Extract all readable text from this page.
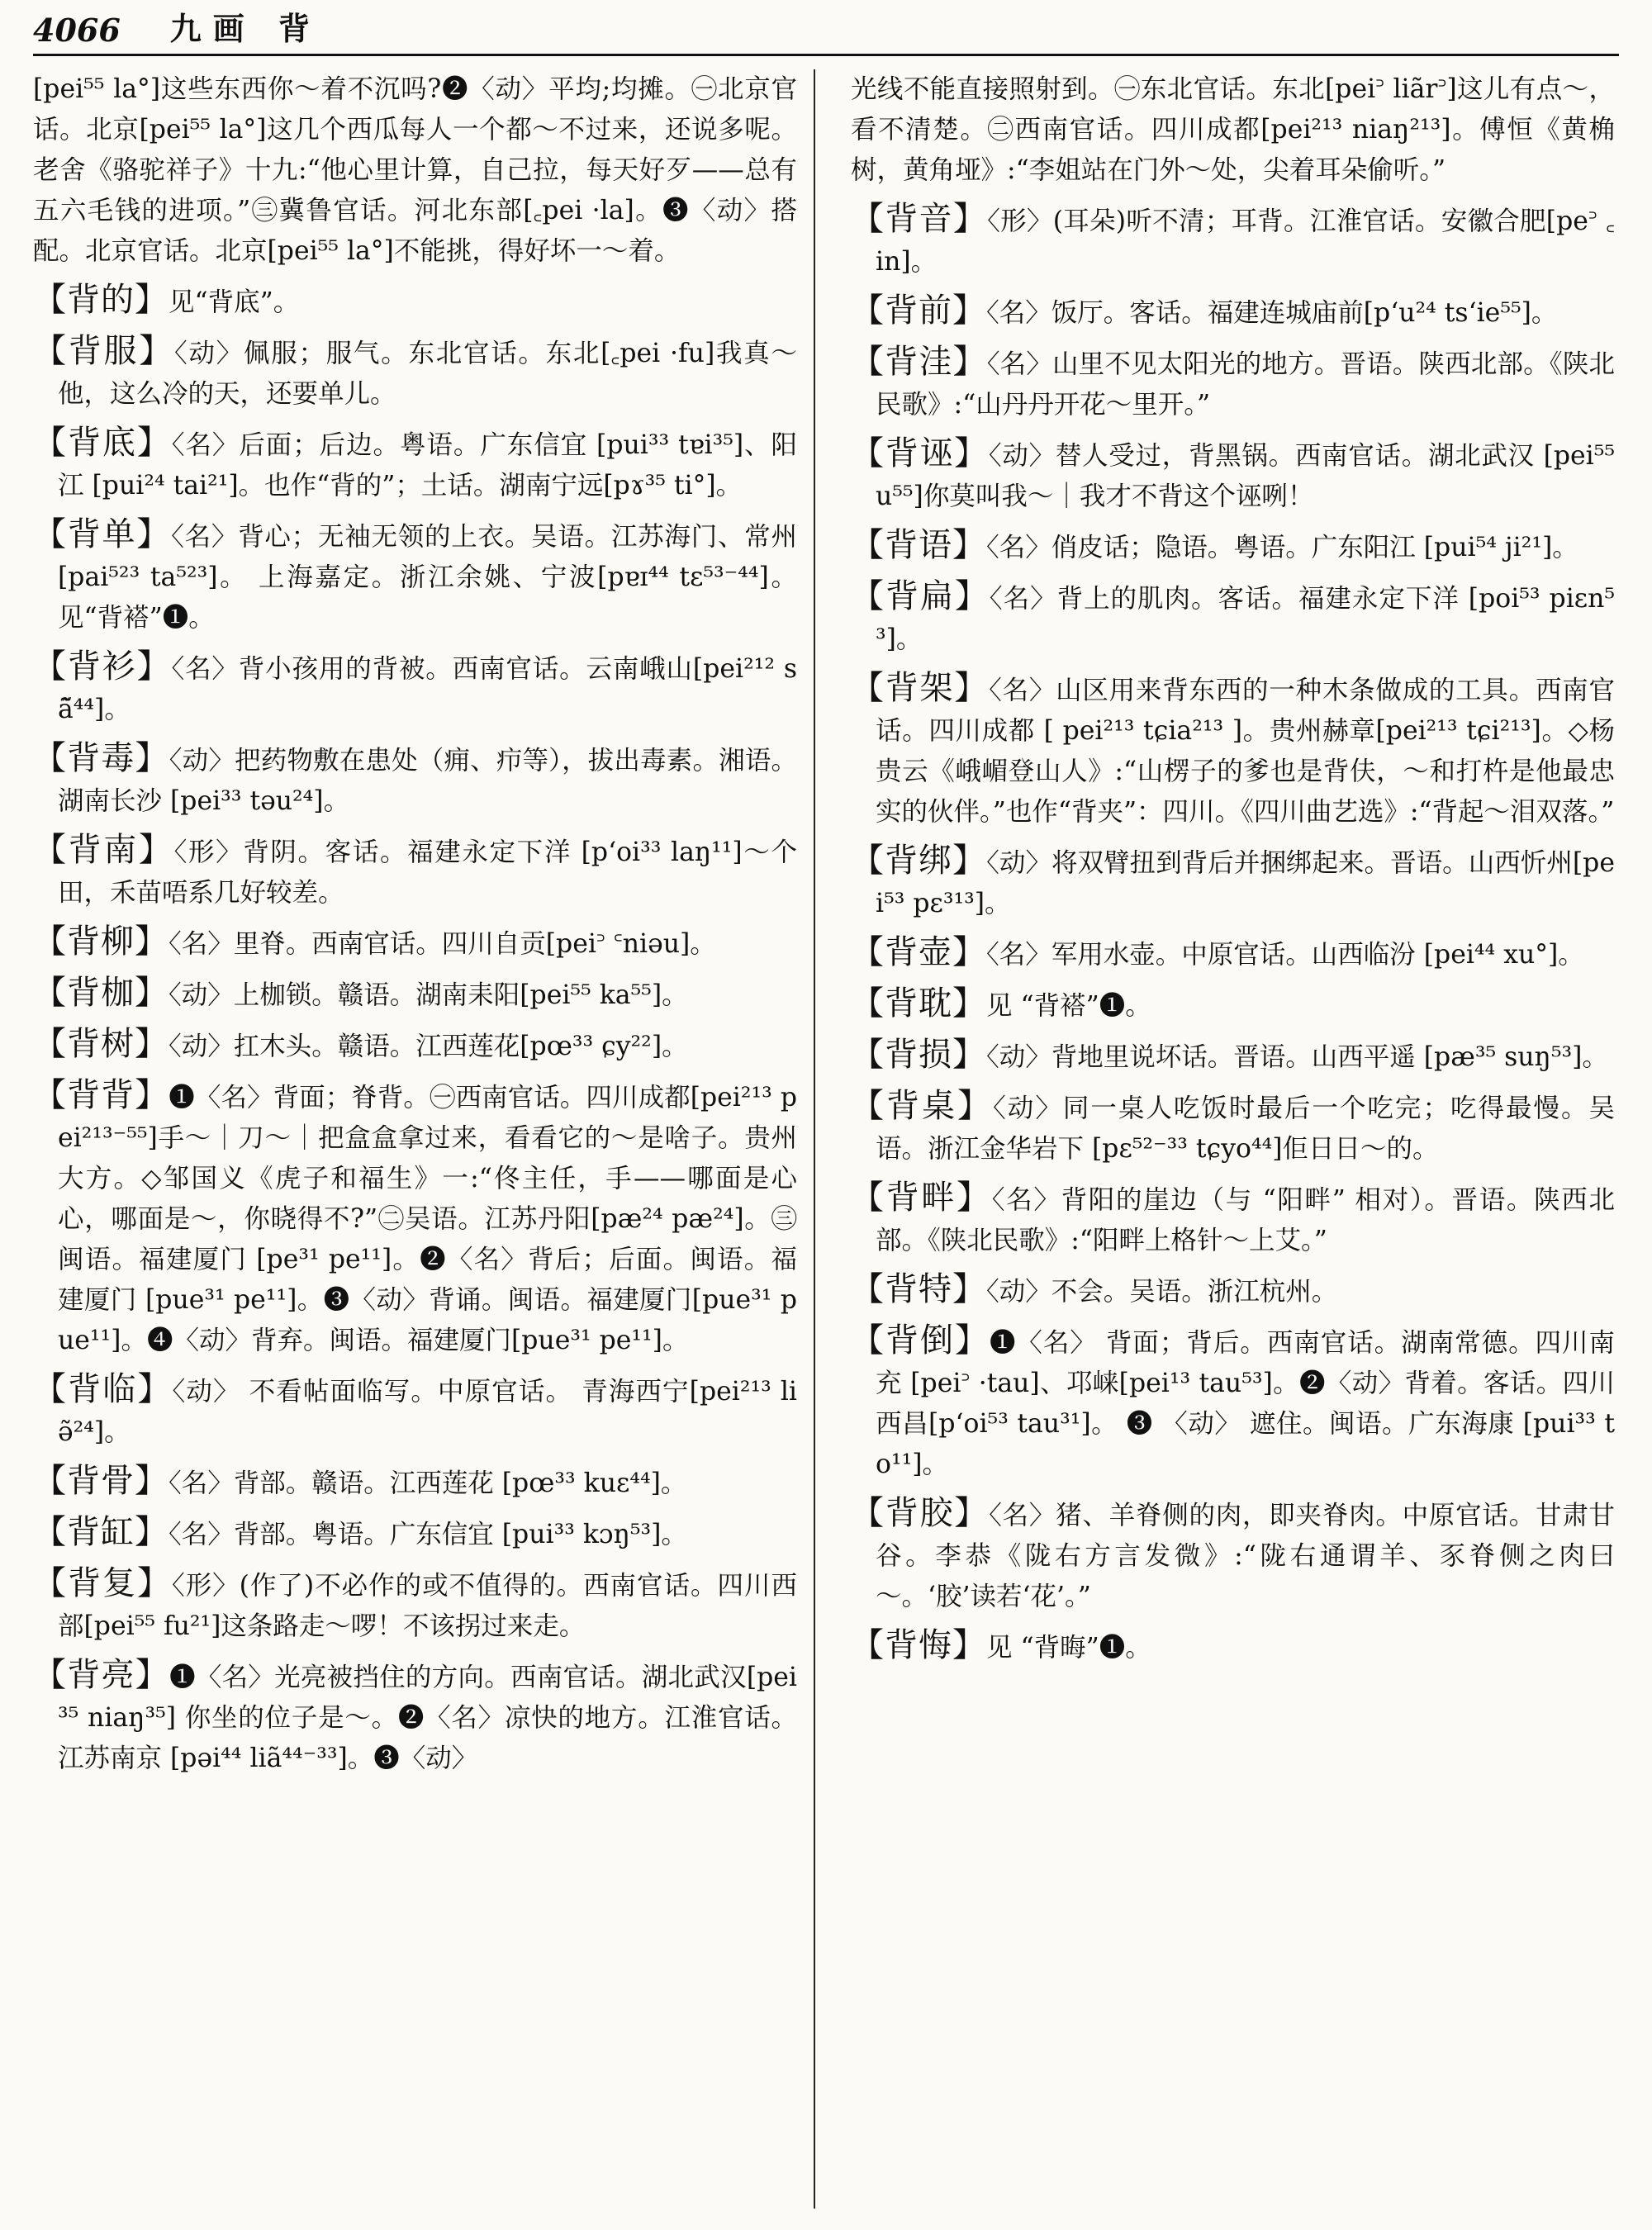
4066 九画 背

[pei⁵⁵ la°]这些东西你～着不沉吗?❷〈动〉平均;均摊。㊀北京官话。北京[pei⁵⁵ la°]这几个西瓜每人一个都～不过来，还说多呢。老舍《骆驼祥子》十九:“他心里计算，自己拉，每天好歹——总有五六毛钱的进项。”㊂冀鲁官话。河北东部[꜀pei ·la]。❸〈动〉搭配。北京官话。北京[pei⁵⁵ la°]不能挑，得好坏一～着。

【背的】见“背底”。

【背服】〈动〉佩服；服气。东北官话。东北[꜀pei ·fu]我真～他，这么冷的天，还要单儿。

【背底】〈名〉后面；后边。粤语。广东信宜 [pui³³ tɐi³⁵]、阳江 [pui²⁴ tai²¹]。也作“背的”；土话。湖南宁远[pɤ³⁵ ti°]。

【背单】〈名〉背心；无袖无领的上衣。吴语。江苏海门、常州 [pai⁵²³ ta⁵²³]。 上海嘉定。浙江余姚、宁波[pɐɪ⁴⁴ tɛ⁵³⁻⁴⁴]。见“背褡”❶。

【背衫】〈名〉背小孩用的背被。西南官话。云南峨山[pei²¹² sã̃⁴⁴]。

【背毒】〈动〉把药物敷在患处（痈、疖等），拔出毒素。湘语。湖南长沙 [pei³³ təu²⁴]。

【背南】〈形〉背阴。客话。福建永定下洋 [p‘oi³³ laŋ¹¹]～个田，禾苗唔系几好较差。

【背柳】〈名〉里脊。西南官话。四川自贡[pei꜄ ꜂niəu]。

【背枷】〈动〉上枷锁。赣语。湖南耒阳[pei⁵⁵ ka⁵⁵]。

【背树】〈动〉扛木头。赣语。江西莲花[pœ³³ ɕy²²]。

【背背】❶〈名〉背面；脊背。㊀西南官话。四川成都[pei²¹³ pei²¹³⁻⁵⁵]手～｜刀～｜把盒盒拿过来，看看它的～是啥子。贵州大方。◇邹国义《虎子和福生》一:“佟主任，手——哪面是心心，哪面是～，你晓得不?”㊁吴语。江苏丹阳[pæ²⁴ pæ²⁴]。㊂闽语。福建厦门 [pe³¹ pe¹¹]。❷〈名〉背后；后面。闽语。福建厦门 [pue³¹ pe¹¹]。❸〈动〉背诵。闽语。福建厦门[pue³¹ pue¹¹]。❹〈动〉背弃。闽语。福建厦门[pue³¹ pe¹¹]。

【背临】〈动〉 不看帖面临写。中原官话。 青海西宁[pei²¹³ liə̃²⁴]。

【背骨】〈名〉背部。赣语。江西莲花 [pœ³³ kuɛ⁴⁴]。

【背缸】〈名〉背部。粤语。广东信宜 [pui³³ kɔŋ⁵³]。

【背复】〈形〉(作了)不必作的或不值得的。西南官话。四川西部[pei⁵⁵ fu²¹]这条路走～啰！不该拐过来走。

【背亮】❶〈名〉光亮被挡住的方向。西南官话。湖北武汉[pei³⁵ niaŋ³⁵] 你坐的位子是～。❷〈名〉凉快的地方。江淮官话。江苏南京 [pəi⁴⁴ liã⁴⁴⁻³³]。❸〈动〉

光线不能直接照射到。㊀东北官话。东北[pei꜄ liãr꜄]这儿有点～，看不清楚。㊁西南官话。四川成都[pei²¹³ niaŋ²¹³]。傅恒《黄桷树，黄角垭》:“李姐站在门外～处，尖着耳朵偷听。”

【背音】〈形〉(耳朵)听不清；耳背。江淮官话。安徽合肥[pe꜄ ꜀in]。

【背前】〈名〉饭厅。客话。福建连城庙前[p‘u²⁴ ts‘ie⁵⁵]。

【背洼】〈名〉山里不见太阳光的地方。晋语。陕西北部。《陕北民歌》:“山丹丹开花～里开。”

【背诬】〈动〉替人受过，背黑锅。西南官话。湖北武汉 [pei⁵⁵ u⁵⁵]你莫叫我～｜我才不背这个诬咧！

【背语】〈名〉俏皮话；隐语。粤语。广东阳江 [pui⁵⁴ ji²¹]。

【背扁】〈名〉背上的肌肉。客话。福建永定下洋 [poi⁵³ piɛn⁵³]。

【背架】〈名〉山区用来背东西的一种木条做成的工具。西南官话。四川成都 [ pei²¹³ tɕia²¹³ ]。贵州赫章[pei²¹³ tɕi²¹³]。◇杨贵云《峨嵋登山人》:“山楞子的爹也是背伕，～和打杵是他最忠实的伙伴。”也作“背夹”：四川。《四川曲艺选》:“背起～泪双落。”

【背绑】〈动〉将双臂扭到背后并捆绑起来。晋语。山西忻州[pei⁵³ pɛ³¹³]。

【背壶】〈名〉军用水壶。中原官话。山西临汾 [pei⁴⁴ xu°]。

【背耽】见 “背褡”❶。

【背损】〈动〉背地里说坏话。晋语。山西平遥 [pæ³⁵ suŋ⁵³]。

【背桌】〈动〉同一桌人吃饭时最后一个吃完；吃得最慢。吴语。浙江金华岩下 [pɛ⁵²⁻³³ tɕyo⁴⁴]佢日日～的。

【背畔】〈名〉背阳的崖边（与 “阳畔” 相对）。晋语。陕西北部。《陕北民歌》:“阳畔上格针～上艾。”

【背特】〈动〉不会。吴语。浙江杭州。

【背倒】❶〈名〉 背面；背后。西南官话。湖南常德。四川南充 [pei꜄ ·tau]、邛崃[pei¹³ tau⁵³]。❷〈动〉背着。客话。四川西昌[p‘oi⁵³ tau³¹]。 ❸ 〈动〉 遮住。闽语。广东海康 [pui³³ to¹¹]。

【背胶】〈名〉猪、羊脊侧的肉，即夹脊肉。中原官话。甘肃甘谷。李恭《陇右方言发微》:“陇右通谓羊、豕脊侧之肉曰～。‘胶’读若‘花’。”

【背悔】见 “背晦”❶。
